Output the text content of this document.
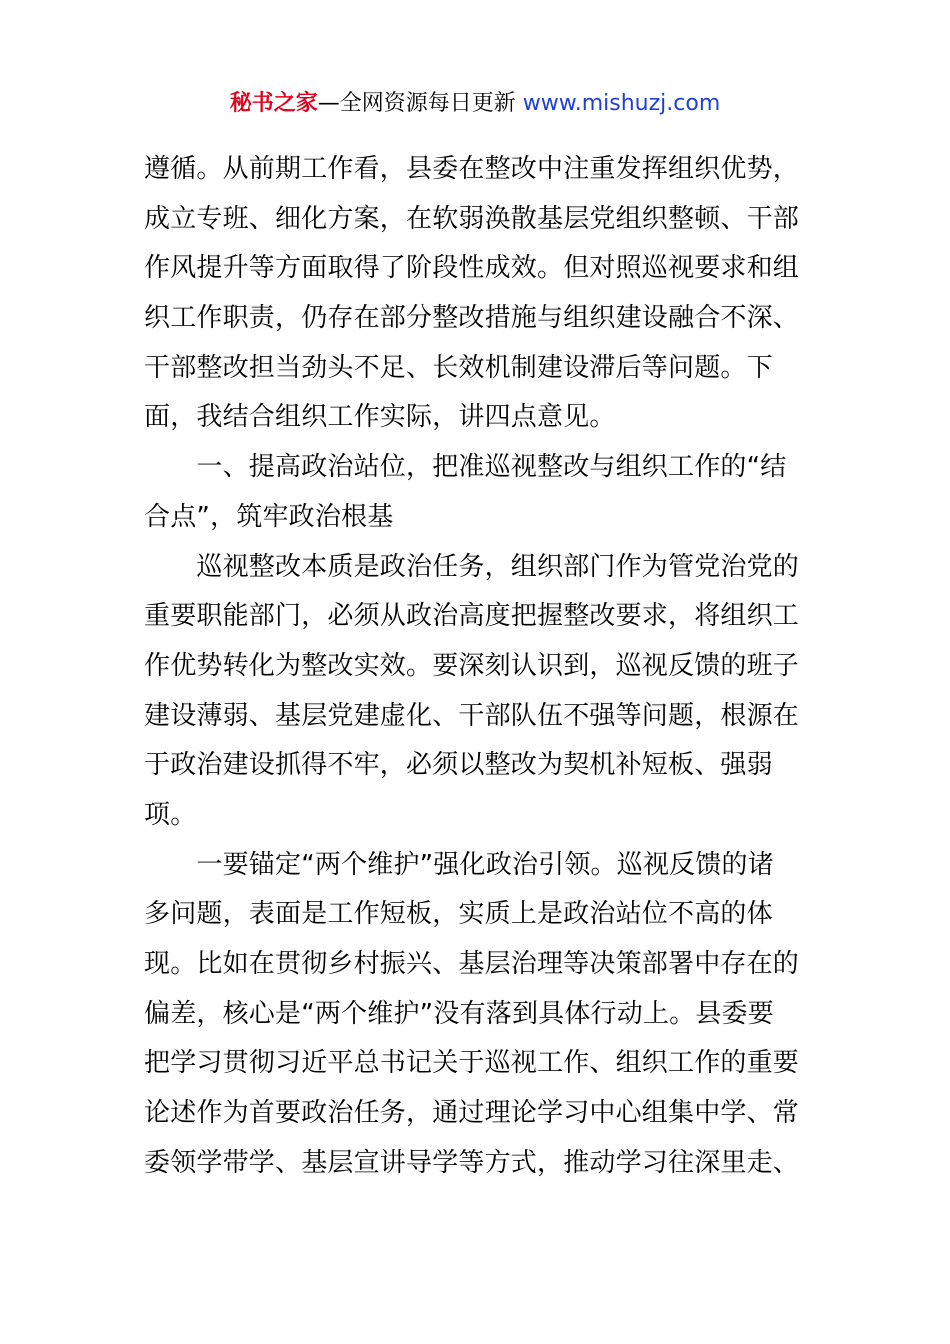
秘书之家—全网资源每日更新 www.mishuzj.com
遵循。从前期工作看，县委在整改中注重发挥组织优势，
成立专班、细化方案，在软弱涣散基层党组织整顿、干部
作风提升等方面取得了阶段性成效。但对照巡视要求和组
织工作职责，仍存在部分整改措施与组织建设融合不深、
干部整改担当劲头不足、长效机制建设滞后等问题。下
面，我结合组织工作实际，讲四点意见。
　　一、提高政治站位，把准巡视整改与组织工作的“结
合点”，筑牢政治根基
　　巡视整改本质是政治任务，组织部门作为管党治党的
重要职能部门，必须从政治高度把握整改要求，将组织工
作优势转化为整改实效。要深刻认识到，巡视反馈的班子
建设薄弱、基层党建虚化、干部队伍不强等问题，根源在
于政治建设抓得不牢，必须以整改为契机补短板、强弱
项。
　　一要锚定“两个维护”强化政治引领。巡视反馈的诸
多问题，表面是工作短板，实质上是政治站位不高的体
现。比如在贯彻乡村振兴、基层治理等决策部署中存在的
偏差，核心是“两个维护”没有落到具体行动上。县委要
把学习贯彻习近平总书记关于巡视工作、组织工作的重要
论述作为首要政治任务，通过理论学习中心组集中学、常
委领学带学、基层宣讲导学等方式，推动学习往深里走、
